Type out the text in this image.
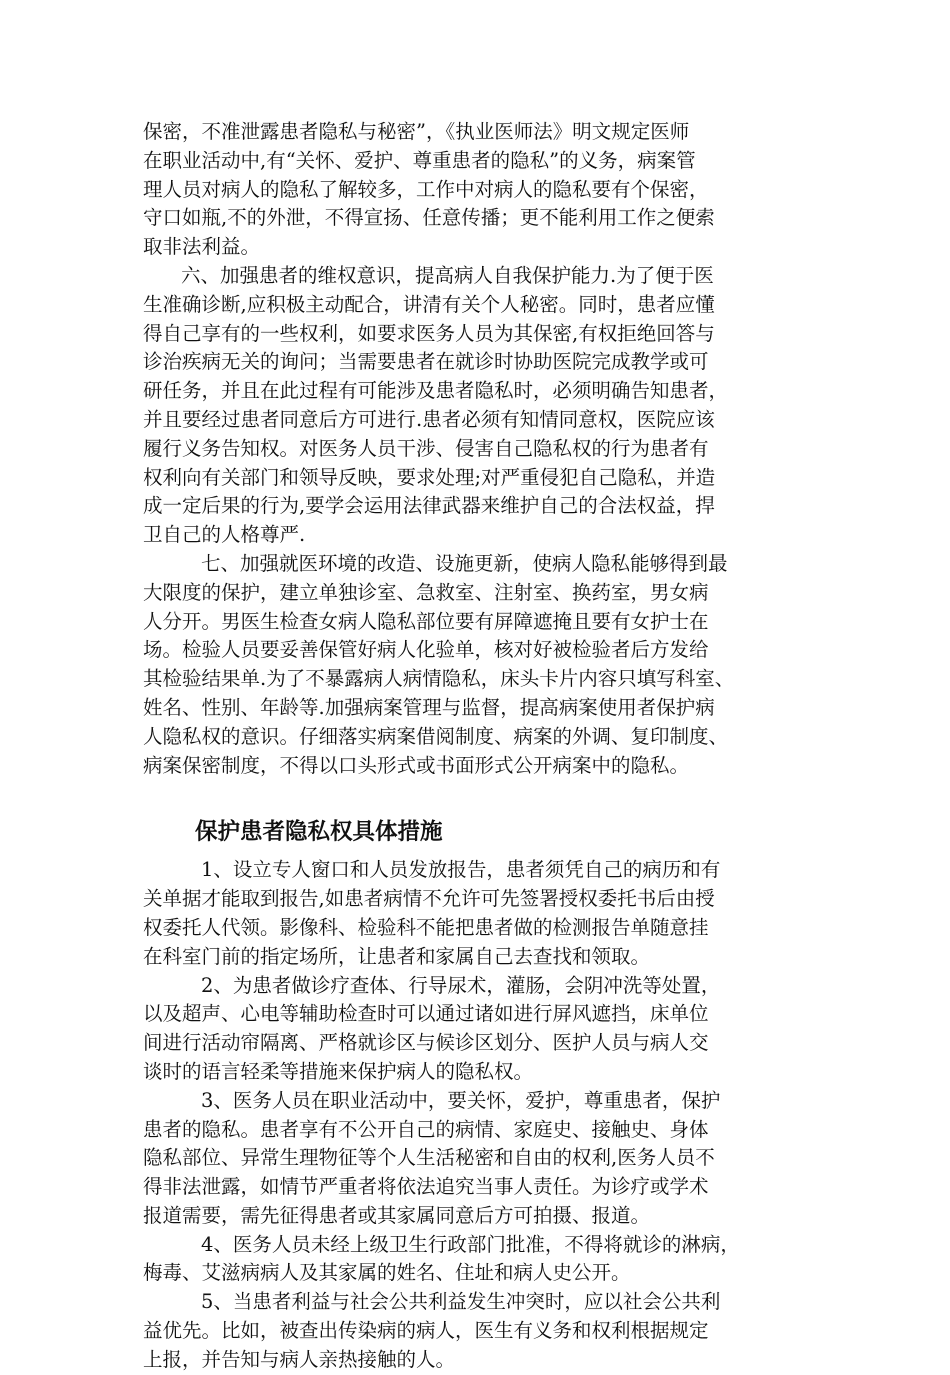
保密，不准泄露患者隐私与秘密”，《执业医师法》明文规定医师
在职业活动中,有“关怀、爱护、尊重患者的隐私”的义务，病案管
理人员对病人的隐私了解较多，工作中对病人的隐私要有个保密，
守口如瓶,不的外泄，不得宣扬、任意传播；更不能利用工作之便索
取非法利益。
六、加强患者的维权意识，提高病人自我保护能力.为了便于医
生准确诊断,应积极主动配合，讲清有关个人秘密。同时，患者应懂
得自己享有的一些权利，如要求医务人员为其保密,有权拒绝回答与
诊治疾病无关的询问；当需要患者在就诊时协助医院完成教学或可
研任务，并且在此过程有可能涉及患者隐私时，必须明确告知患者，
并且要经过患者同意后方可进行.患者必须有知情同意权，医院应该
履行义务告知权。对医务人员干涉、侵害自己隐私权的行为患者有
权利向有关部门和领导反映，要求处理;对严重侵犯自己隐私，并造
成一定后果的行为,要学会运用法律武器来维护自己的合法权益，捍
卫自己的人格尊严.
七、加强就医环境的改造、设施更新，使病人隐私能够得到最
大限度的保护，建立单独诊室、急救室、注射室、换药室，男女病
人分开。男医生检查女病人隐私部位要有屏障遮掩且要有女护士在
场。检验人员要妥善保管好病人化验单，核对好被检验者后方发给
其检验结果单.为了不暴露病人病情隐私，床头卡片内容只填写科室、
姓名、性别、年龄等.加强病案管理与监督，提高病案使用者保护病
人隐私权的意识。仔细落实病案借阅制度、病案的外调、复印制度、
病案保密制度，不得以口头形式或书面形式公开病案中的隐私。
保护患者隐私权具体措施
1、设立专人窗口和人员发放报告，患者须凭自己的病历和有
关单据才能取到报告,如患者病情不允许可先签署授权委托书后由授
权委托人代领。影像科、检验科不能把患者做的检测报告单随意挂
在科室门前的指定场所，让患者和家属自己去查找和领取。
2、为患者做诊疗查体、行导尿术，灌肠，会阴冲洗等处置，
以及超声、心电等辅助检查时可以通过诸如进行屏风遮挡，床单位
间进行活动帘隔离、严格就诊区与候诊区划分、医护人员与病人交
谈时的语言轻柔等措施来保护病人的隐私权。
3、医务人员在职业活动中，要关怀，爱护，尊重患者，保护
患者的隐私。患者享有不公开自己的病情、家庭史、接触史、身体
隐私部位、异常生理物征等个人生活秘密和自由的权利,医务人员不
得非法泄露，如情节严重者将依法追究当事人责任。为诊疗或学术
报道需要，需先征得患者或其家属同意后方可拍摄、报道。
4、医务人员未经上级卫生行政部门批准，不得将就诊的淋病，
梅毒、艾滋病病人及其家属的姓名、住址和病人史公开。
5、当患者利益与社会公共利益发生冲突时，应以社会公共利
益优先。比如，被查出传染病的病人，医生有义务和权利根据规定
上报，并告知与病人亲热接触的人。
